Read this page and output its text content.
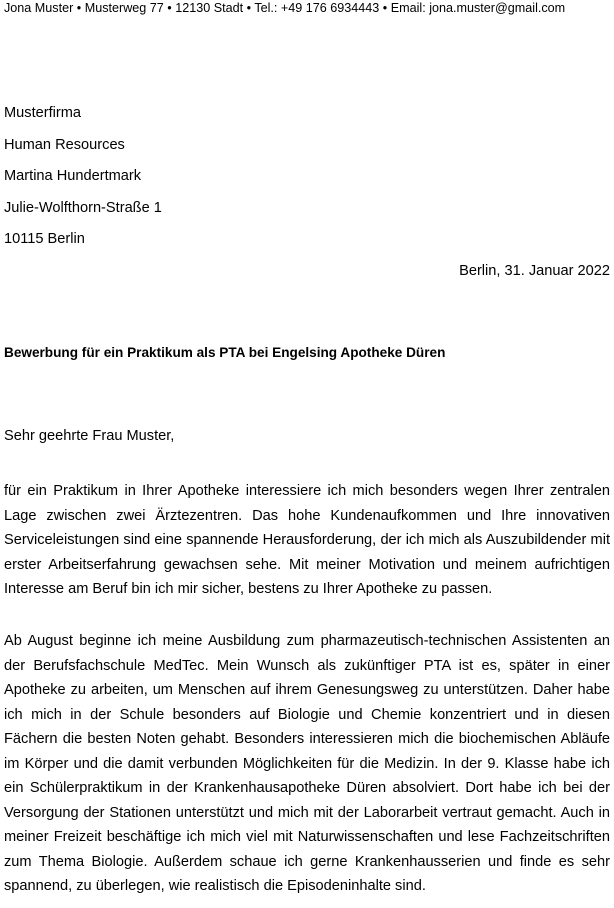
Jona Muster • Musterweg 77 • 12130 Stadt • Tel.: +49 176 6934443 • Email: jona.muster@gmail.com
Musterfirma
Human Resources
Martina Hundertmark
Julie-Wolfthorn-Straße 1
10115 Berlin
Berlin, 31. Januar 2022
Bewerbung für ein Praktikum als PTA bei Engelsing Apotheke Düren
Sehr geehrte Frau Muster,
für ein Praktikum in Ihrer Apotheke interessiere ich mich besonders wegen Ihrer zentralen Lage zwischen zwei Ärztezentren. Das hohe Kundenaufkommen und Ihre innovativen Serviceleistungen sind eine spannende Herausforderung, der ich mich als Auszubildender mit erster Arbeitserfahrung gewachsen sehe. Mit meiner Motivation und meinem aufrichtigen Interesse am Beruf bin ich mir sicher, bestens zu Ihrer Apotheke zu passen.
Ab August beginne ich meine Ausbildung zum pharmazeutisch-technischen Assistenten an der Berufsfachschule MedTec. Mein Wunsch als zukünftiger PTA ist es, später in einer Apotheke zu arbeiten, um Menschen auf ihrem Genesungsweg zu unterstützen. Daher habe ich mich in der Schule besonders auf Biologie und Chemie konzentriert und in diesen Fächern die besten Noten gehabt. Besonders interessieren mich die biochemischen Abläufe im Körper und die damit verbunden Möglichkeiten für die Medizin. In der 9. Klasse habe ich ein Schülerpraktikum in der Krankenhausapotheke Düren absolviert. Dort habe ich bei der Versorgung der Stationen unterstützt und mich mit der Laborarbeit vertraut gemacht. Auch in meiner Freizeit beschäftige ich mich viel mit Naturwissenschaften und lese Fachzeitschriften zum Thema Biologie. Außerdem schaue ich gerne Krankenhausserien und finde es sehr spannend, zu überlegen, wie realistisch die Episodeninhalte sind.
